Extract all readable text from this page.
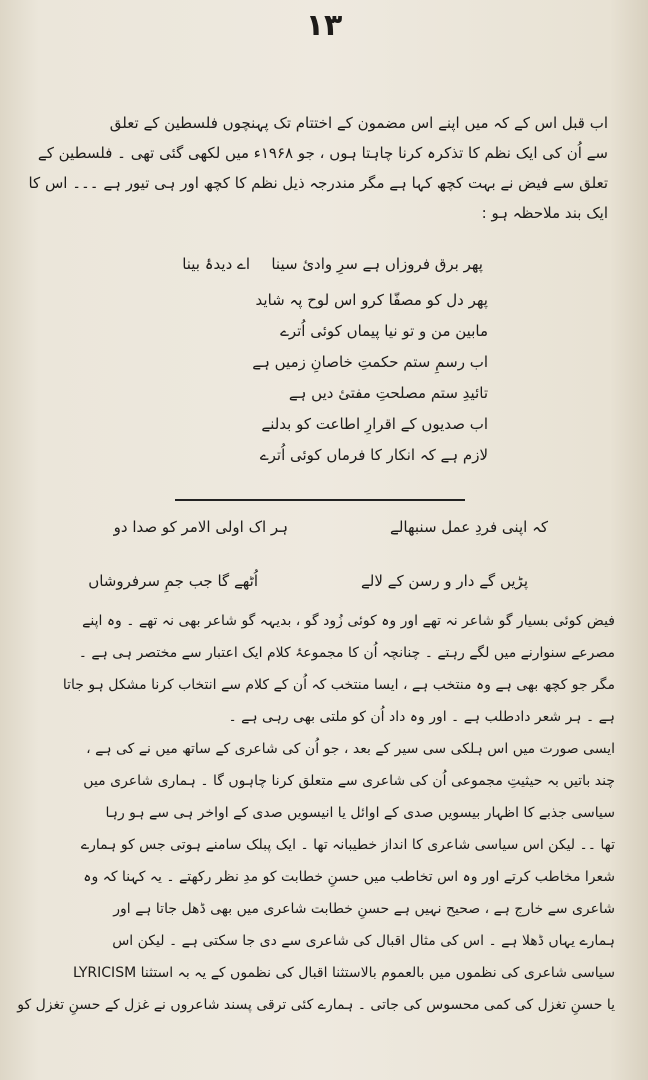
۱۳
اب قبل اس کے کہ میں اپنے اس مضمون کے اختتام تک پہنچوں فلسطین کے تعلق
سے اُن کی ایک نظم کا تذکرہ کرنا چاہتا ہوں ، جو ۱۹۶۸ء میں لکھی گئی تھی ۔ فلسطین کے
تعلق سے فیض نے بہت کچھ کہا ہے مگر مندرجہ ذیل نظم کا کچھ اور ہی تیور ہے ۔۔۔ اس کا
ایک بند ملاحظہ ہو :
پھر برق فروزاں ہے سرِ وادیٔ سینا
اے دیدۂ بینا
پھر دل کو مصفّا کرو اس لوح پہ شاید
مابین من و تو نیا پیماں کوئی اُترے
اب رسمِ ستم حکمتِ خاصانِ زمیں ہے
تائیدِ ستم مصلحتِ مفتیٔ دیں ہے
اب صدیوں کے اقرارِ اطاعت کو بدلنے
لازم ہے کہ انکار کا فرماں کوئی اُترے
ہر اک اولی الامر کو صدا دو	کہ اپنی فردِ عمل سنبھالے
اُٹھے گا جب جمِ سرفروشاں	پڑیں گے دار و رسن کے لالے
فیض کوئی بسیار گو شاعر نہ تھے اور وہ کوئی زُود گو ، بدیہہ گو شاعر بھی نہ تھے ۔ وہ اپنے
مصرعے سنوارنے میں لگے رہتے ۔ چنانچہ اُن کا مجموعۂ کلام ایک اعتبار سے مختصر ہی ہے ۔
مگر جو کچھ بھی ہے وہ منتخب ہے ، ایسا منتخب کہ اُن کے کلام سے انتخاب کرنا مشکل ہو جاتا
ہے ۔ ہر شعر دادطلب ہے ۔ اور وہ داد اُن کو ملتی بھی رہی ہے ۔
ایسی صورت میں اس ہلکی سی سیر کے بعد ، جو اُن کی شاعری کے ساتھ میں نے کی ہے ،
چند باتیں بہ حیثیتِ مجموعی اُن کی شاعری سے متعلق کرنا چاہوں گا ۔ ہماری شاعری میں
سیاسی جذبے کا اظہار بیسویں صدی کے اوائل یا انیسویں صدی کے اواخر ہی سے ہو رہا
تھا ۔۔ لیکن اس سیاسی شاعری کا انداز خطیبانہ تھا ۔ ایک پبلک سامنے ہوتی جس کو ہمارے
شعرا مخاطب کرتے اور وہ اس تخاطب میں حسنِ خطابت کو مدِ نظر رکھتے ۔ یہ کہنا کہ وہ
شاعری سے خارج ہے ، صحیح نہیں ہے حسنِ خطابت شاعری میں بھی ڈھل جاتا ہے اور
ہمارے یہاں ڈھلا ہے ۔ اس کی مثال اقبال کی شاعری سے دی جا سکتی ہے ۔ لیکن اس
سیاسی شاعری کی نظموں میں بالعموم بالاستثنا اقبال کی نظموں کے یہ بہ استثنا LYRICISM
یا حسنِ تغزل کی کمی محسوس کی جاتی ۔ ہمارے کئی ترقی پسند شاعروں نے غزل کے حسنِ تغزل کو
